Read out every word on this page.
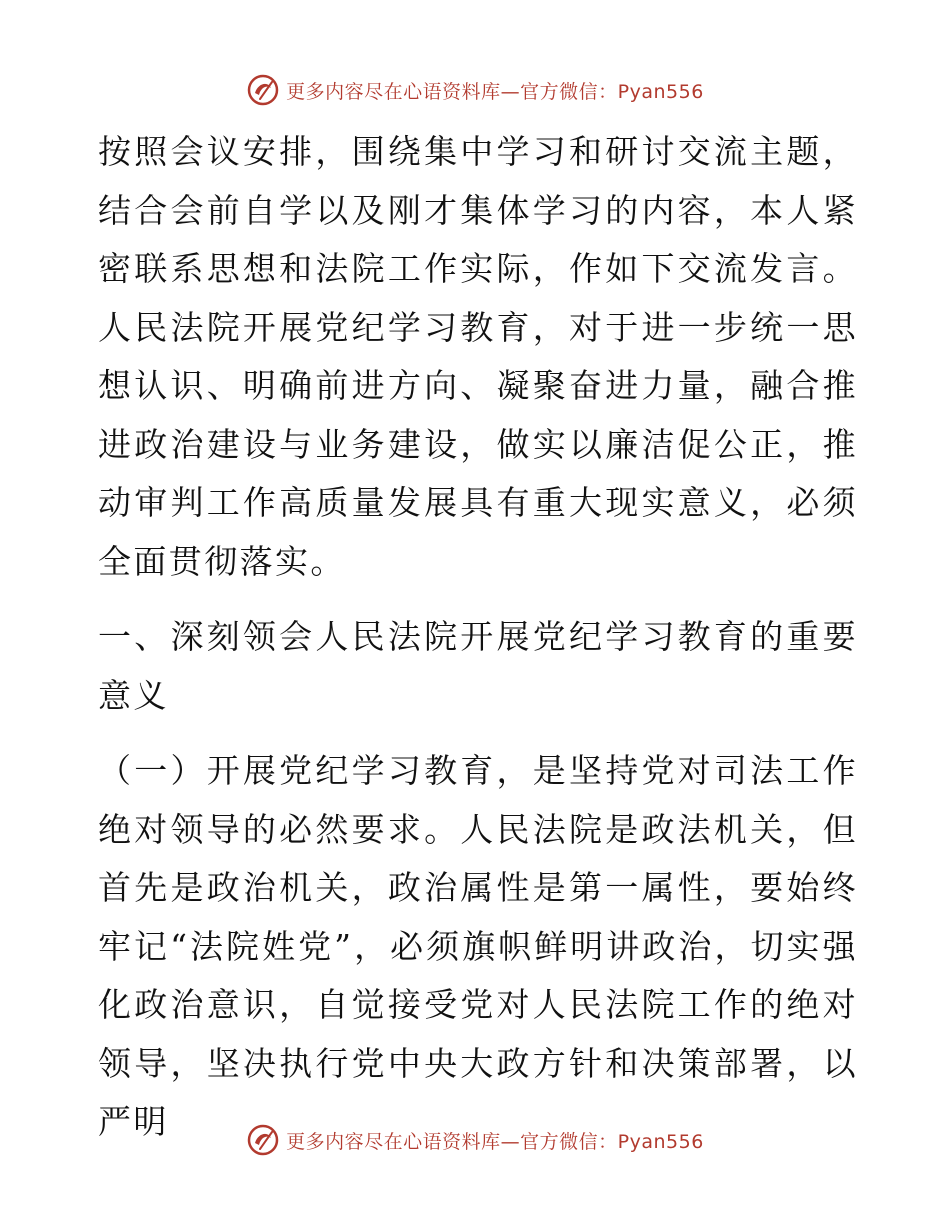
更多内容尽在心语资料库—官方微信：Pyan556

按照会议安排，围绕集中学习和研讨交流主题，结合会前自学以及刚才集体学习的内容，本人紧密联系思想和法院工作实际，作如下交流发言。人民法院开展党纪学习教育，对于进一步统一思想认识、明确前进方向、凝聚奋进力量，融合推进政治建设与业务建设，做实以廉洁促公正，推动审判工作高质量发展具有重大现实意义，必须全面贯彻落实。

一、深刻领会人民法院开展党纪学习教育的重要意义

（一）开展党纪学习教育，是坚持党对司法工作绝对领导的必然要求。人民法院是政法机关，但首先是政治机关，政治属性是第一属性，要始终牢记“法院姓党”，必须旗帜鲜明讲政治，切实强化政治意识，自觉接受党对人民法院工作的绝对领导，坚决执行党中央大政方针和决策部署，以严明

更多内容尽在心语资料库—官方微信：Pyan556
